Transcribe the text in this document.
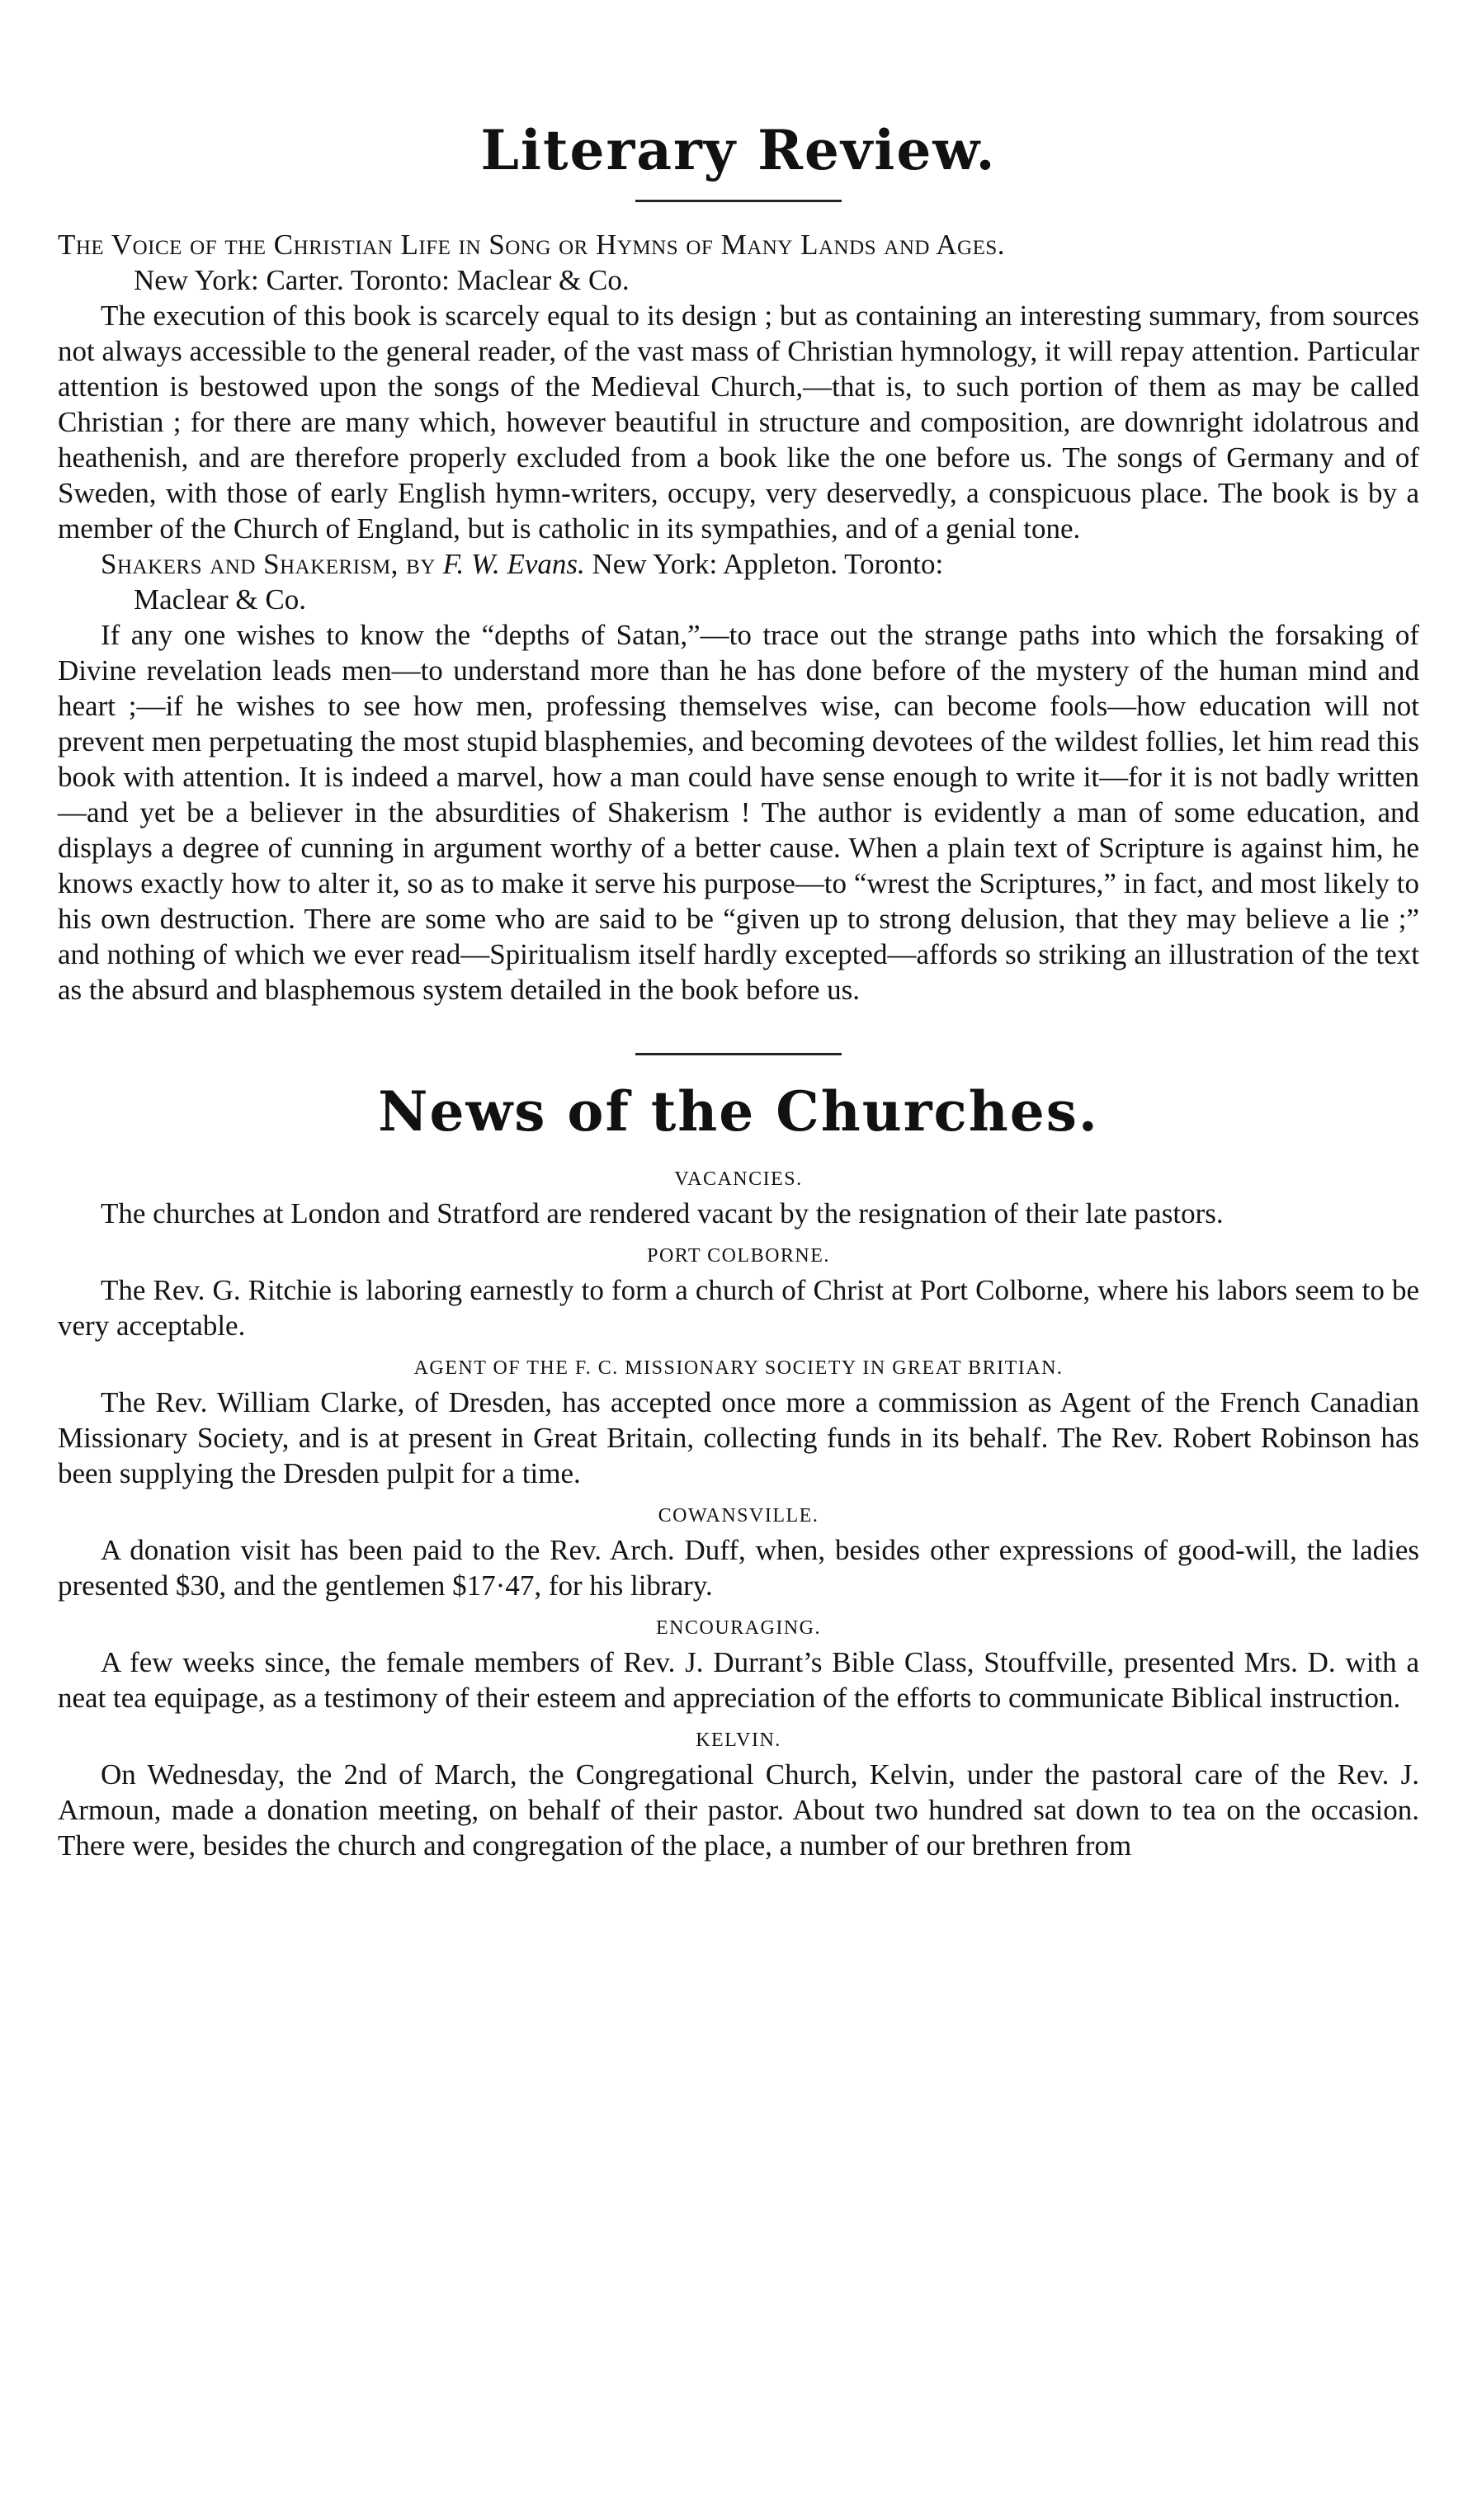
Literary Review.
The Voice of the Christian Life in Song or Hymns of Many Lands and Ages.
New York: Carter. Toronto: Maclear & Co.

The execution of this book is scarcely equal to its design ; but as containing an interesting summary, from sources not always accessible to the general reader, of the vast mass of Christian hymnology, it will repay attention. Particular attention is bestowed upon the songs of the Medieval Church,—that is, to such portion of them as may be called Christian ; for there are many which, however beautiful in structure and composition, are downright idolatrous and heathenish, and are therefore properly excluded from a book like the one before us. The songs of Germany and of Sweden, with those of early English hymn-writers, occupy, very deservedly, a conspicuous place. The book is by a member of the Church of England, but is catholic in its sympathies, and of a genial tone.

Shakers and Shakerism, by F. W. Evans. New York: Appleton. Toronto:
Maclear & Co.

If any one wishes to know the “depths of Satan,”—to trace out the strange paths into which the forsaking of Divine revelation leads men—to understand more than he has done before of the mystery of the human mind and heart ;—if he wishes to see how men, professing themselves wise, can become fools—how education will not prevent men perpetuating the most stupid blasphemies, and becoming devotees of the wildest follies, let him read this book with attention. It is indeed a marvel, how a man could have sense enough to write it—for it is not badly written—and yet be a believer in the absurdities of Shakerism ! The author is evidently a man of some education, and displays a degree of cunning in argument worthy of a better cause. When a plain text of Scripture is against him, he knows exactly how to alter it, so as to make it serve his purpose—to “wrest the Scriptures,” in fact, and most likely to his own destruction. There are some who are said to be “given up to strong delusion, that they may believe a lie ;” and nothing of which we ever read—Spiritualism itself hardly excepted—affords so striking an illustration of the text as the absurd and blasphemous system detailed in the book before us.

News of the Churches.
VACANCIES.

The churches at London and Stratford are rendered vacant by the resignation of their late pastors.

PORT COLBORNE.

The Rev. G. Ritchie is laboring earnestly to form a church of Christ at Port Colborne, where his labors seem to be very acceptable.

AGENT OF THE F. C. MISSIONARY SOCIETY IN GREAT BRITIAN.

The Rev. William Clarke, of Dresden, has accepted once more a commission as Agent of the French Canadian Missionary Society, and is at present in Great Britain, collecting funds in its behalf. The Rev. Robert Robinson has been supplying the Dresden pulpit for a time.

COWANSVILLE.

A donation visit has been paid to the Rev. Arch. Duff, when, besides other expressions of good-will, the ladies presented $30, and the gentlemen $17·47, for his library.

ENCOURAGING.

A few weeks since, the female members of Rev. J. Durrant’s Bible Class, Stouffville, presented Mrs. D. with a neat tea equipage, as a testimony of their esteem and appreciation of the efforts to communicate Biblical instruction.

KELVIN.

On Wednesday, the 2nd of March, the Congregational Church, Kelvin, under the pastoral care of the Rev. J. Armoun, made a donation meeting, on behalf of their pastor. About two hundred sat down to tea on the occasion. There were, besides the church and congregation of the place, a number of our brethren from
